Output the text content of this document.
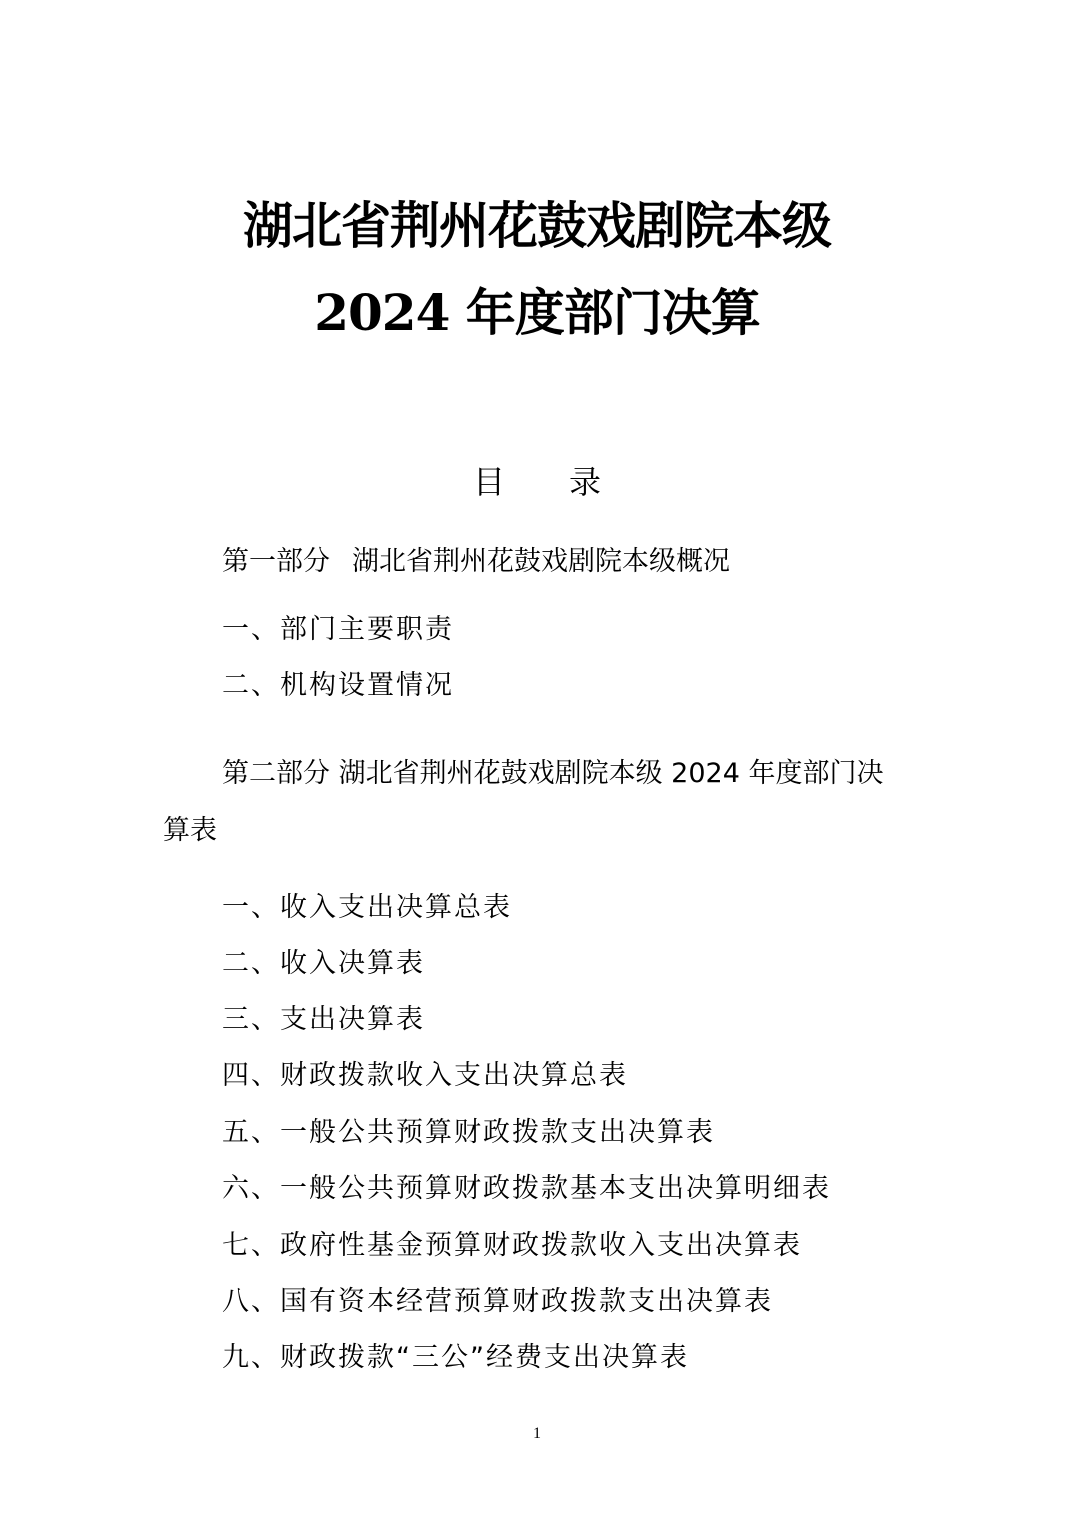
湖北省荆州花鼓戏剧院本级
2024 年度部门决算
目 录
第一部分 湖北省荆州花鼓戏剧院本级概况
一、部门主要职责
二、机构设置情况
第二部分 湖北省荆州花鼓戏剧院本级 2024 年度部门决
算表
一、收入支出决算总表
二、收入决算表
三、支出决算表
四、财政拨款收入支出决算总表
五、一般公共预算财政拨款支出决算表
六、一般公共预算财政拨款基本支出决算明细表
七、政府性基金预算财政拨款收入支出决算表
八、国有资本经营预算财政拨款支出决算表
九、财政拨款“三公”经费支出决算表
1
